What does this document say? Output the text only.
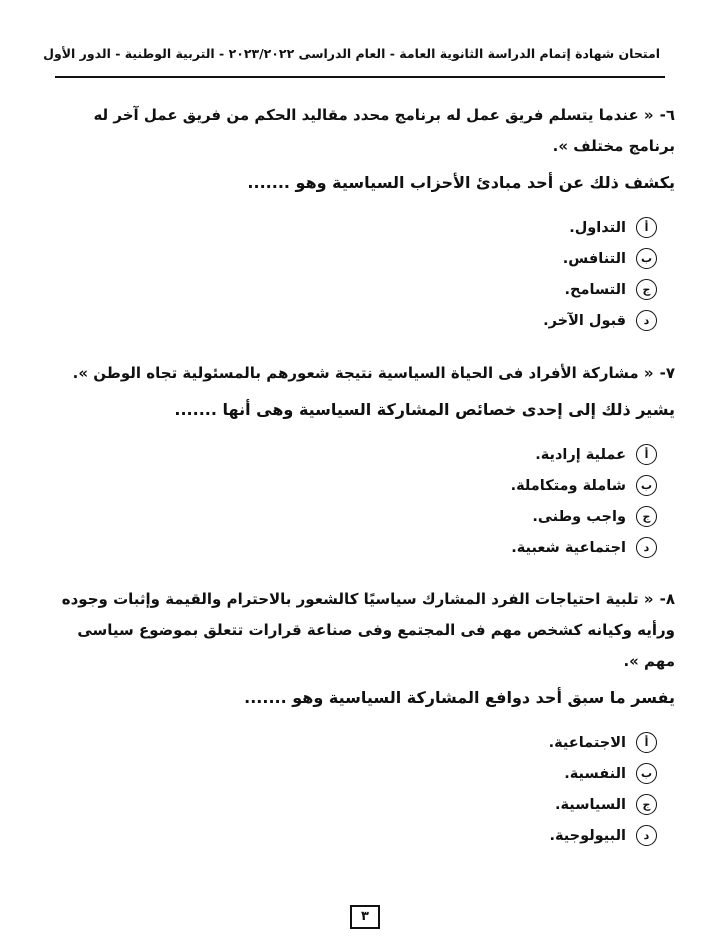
امتحان شهادة إتمام الدراسة الثانوية العامة - العام الدراسى ٢٠٢٣/٢٠٢٢ - التربية الوطنية - الدور الأول

٦-« عندما يتسلم فريق عمل له برنامج محدد مقاليد الحكم من فريق عمل آخر له برنامج مختلف ».

يكشف ذلك عن أحد مبادئ الأحزاب السياسية وهو .......

أ
التداول.
ب
التنافس.
ج
التسامح.
د
قبول الآخر.

٧-« مشاركة الأفراد فى الحياة السياسية نتيجة شعورهم بالمسئولية تجاه الوطن ».

يشير ذلك إلى إحدى خصائص المشاركة السياسية وهى أنها .......

أ
عملية إرادية.
ب
شاملة ومتكاملة.
ج
واجب وطنى.
د
اجتماعية شعبية.

٨-« تلبية احتياجات الفرد المشارك سياسيًا كالشعور بالاحترام والقيمة وإثبات وجوده ورأيه وكيانه كشخص مهم فى المجتمع وفى صناعة قرارات تتعلق بموضوع سياسى مهم ».

يفسر ما سبق أحد دوافع المشاركة السياسية وهو .......

أ
الاجتماعية.
ب
النفسية.
ج
السياسية.
د
البيولوجية.
٣
